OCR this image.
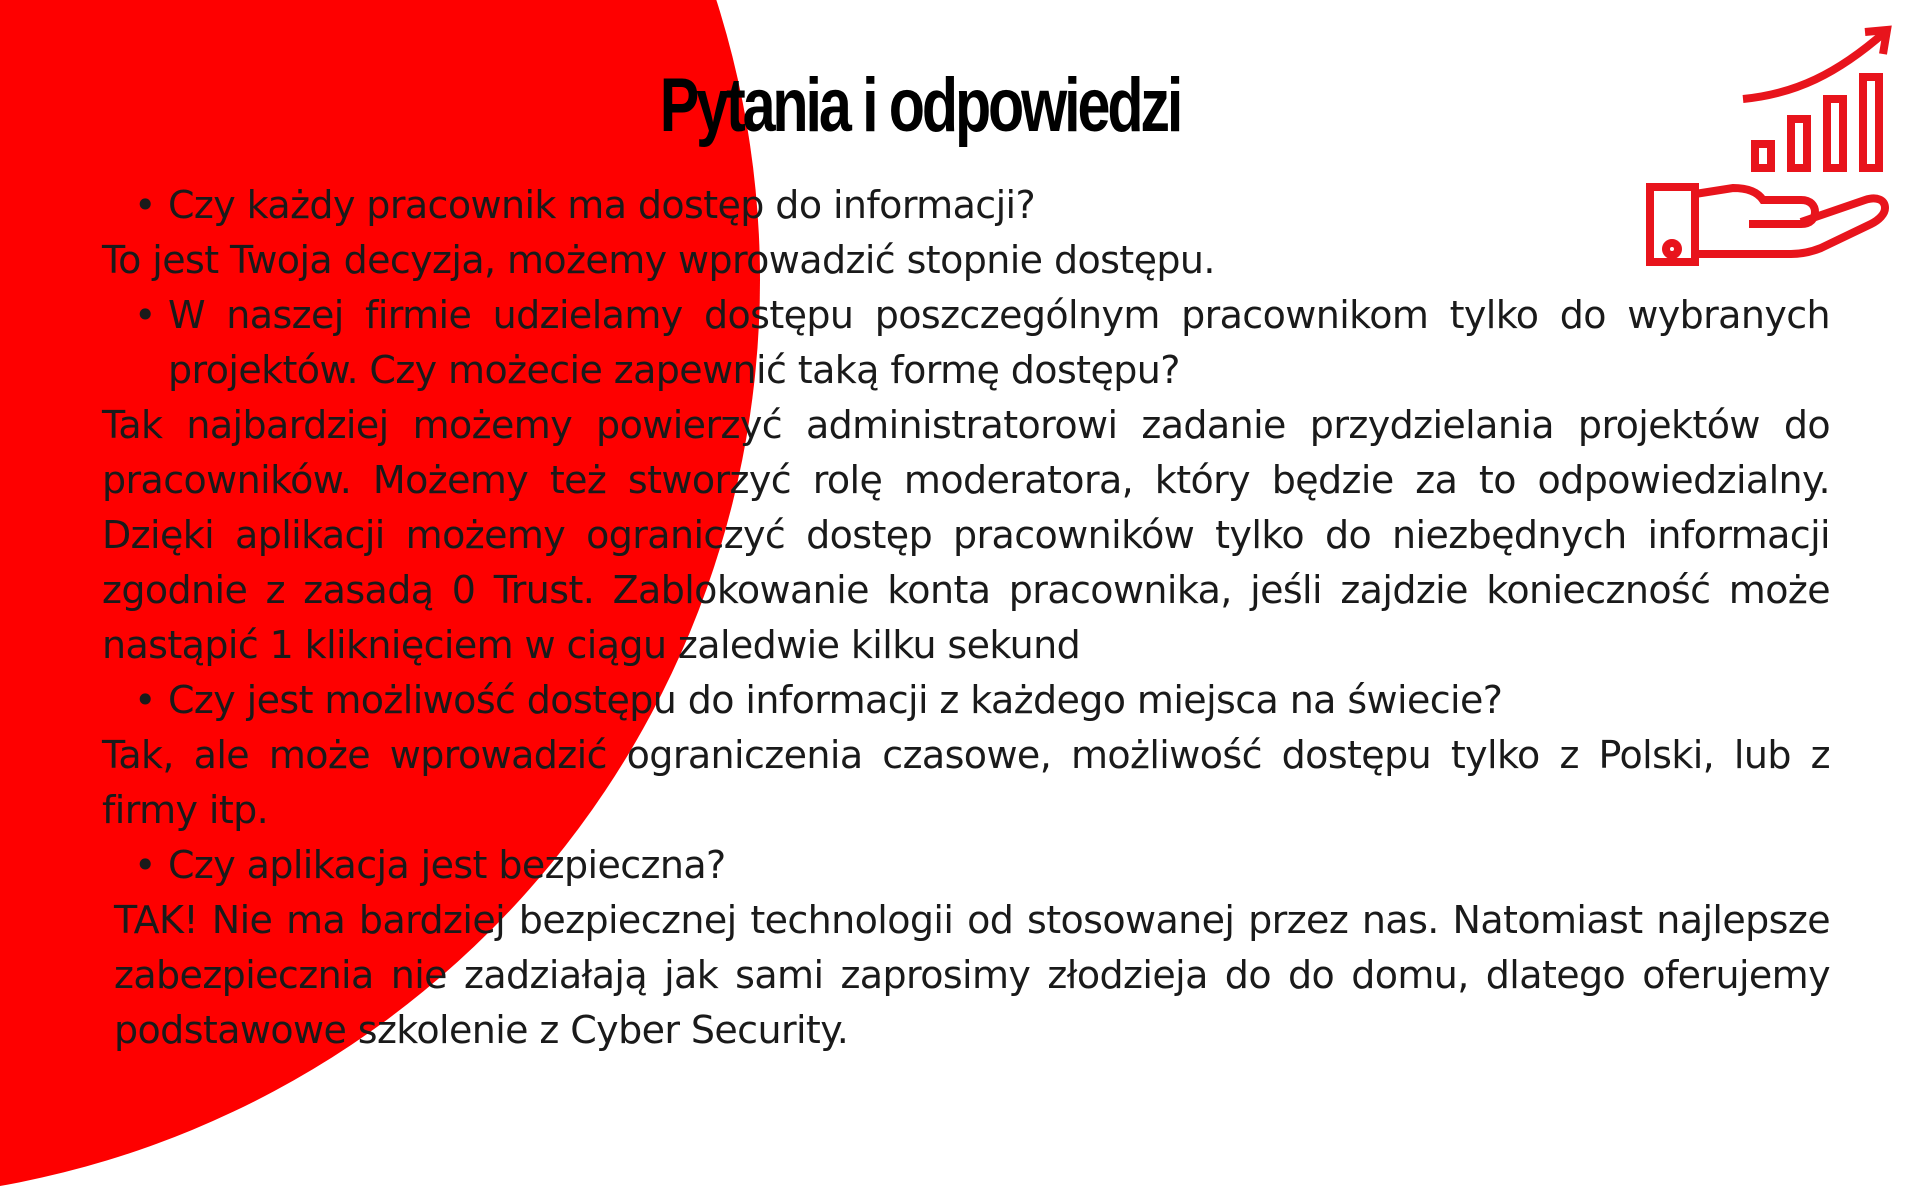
Pytania i odpowiedzi
• Czy każdy pracownik ma dostęp do informacji?

To jest Twoja decyzja, możemy wprowadzić stopnie dostępu.

• W naszej firmie udzielamy dostępu poszczególnym pracownikom tylko do wybranych projektów. Czy możecie zapewnić taką formę dostępu?

Tak najbardziej możemy powierzyć administratorowi zadanie przydzielania projektów do pracowników. Możemy też stworzyć rolę moderatora, który będzie za to odpowiedzialny. Dzięki aplikacji możemy ograniczyć dostęp pracowników tylko do niezbędnych informacji zgodnie z zasadą 0 Trust. Zablokowanie konta pracownika, jeśli zajdzie konieczność może nastąpić 1 kliknięciem w ciągu zaledwie kilku sekund

• Czy jest możliwość dostępu do informacji z każdego miejsca na świecie?

Tak, ale może wprowadzić ograniczenia czasowe, możliwość dostępu tylko z Polski, lub z firmy itp.

• Czy aplikacja jest bezpieczna?

TAK! Nie ma bardziej bezpiecznej technologii od stosowanej przez nas. Natomiast najlepsze zabezpiecznia nie zadziałają jak sami zaprosimy złodzieja do do domu, dlatego oferujemy podstawowe szkolenie z Cyber Security.
